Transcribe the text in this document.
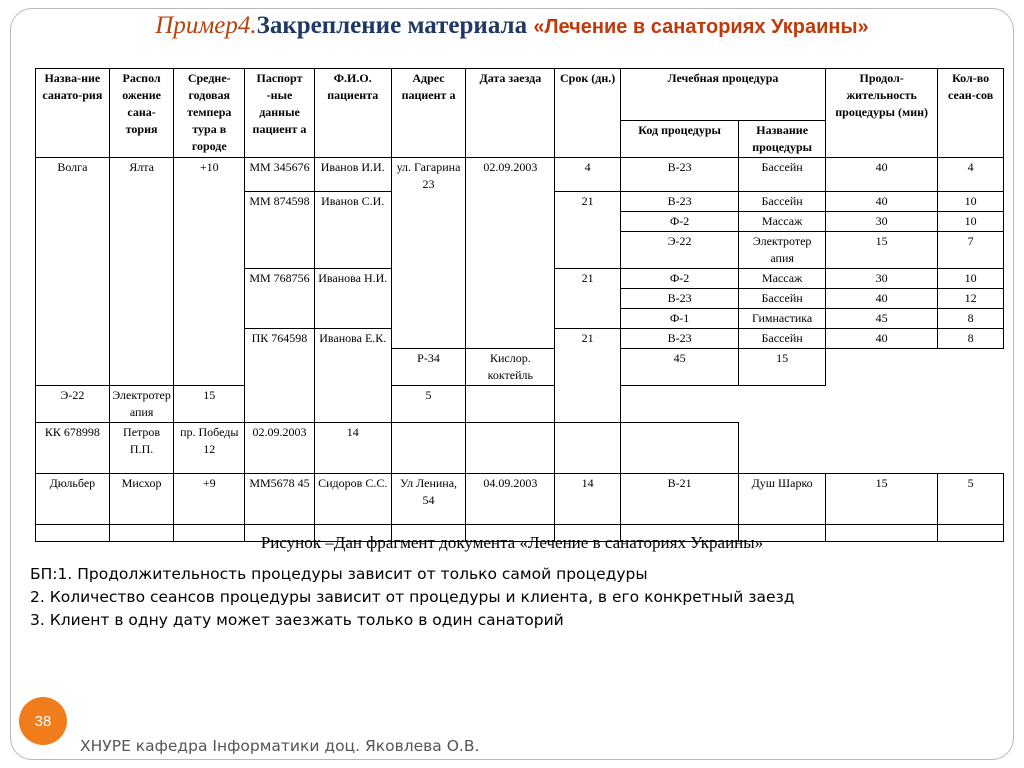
Пример4.Закрепление материала «Лечение в санаториях Украины»
Назва-ние санато-рия	Распол ожение сана-тория	Средне-годовая темпера тура в городе	Паспорт -ные данные пациент а	Ф.И.О. пациента	Адрес пациент а	Дата заезда	Срок (дн.)	Лечебная процедура		Продол-жительность процедуры (мин)	Кол-во сеан-сов
								Код процедуры	Название процедуры		
Волга	Ялта	+10	ММ 345676	Иванов И.И.	ул. Гагарина 23	02.09.2003	4	В-23	Бассейн	40	4
			ММ 874598	Иванов С.И.			21	В-23	Бассейн	40	10
								Ф-2	Массаж	30	10
								Э-22	Электротер апия	15	7
			ММ 768756	Иванова Н.И.			21	Ф-2	Массаж	30	10
								В-23	Бассейн	40	12
								Ф-1	Гимнастика	45	8
			ПК 764598	Иванова Е.К.			21	В-23	Бассейн	40	8
					Р-34	Кислор. коктейль		45	15		
Э-22	Электротер апия	15			5						
КК 678998	Петров П.П.	пр. Победы 12	02.09.2003	14							
Дюльбер	Мисхор	+9	ММ5678 45	Сидоров С.С.	Ул Ленина, 54	04.09.2003	14	В-21	Душ Шарко	15	5

Рисунок –Дан фрагмент документа «Лечение в санаториях Украины»
БП:1. Продолжительность процедуры зависит от только самой процедуры
2. Количество сеансов процедуры зависит от процедуры и клиента, в его конкретный заезд
3. Клиент в одну дату может заезжать только в один санаторий
38
ХНУРЕ кафедра Інформатики доц. Яковлева О.В.
